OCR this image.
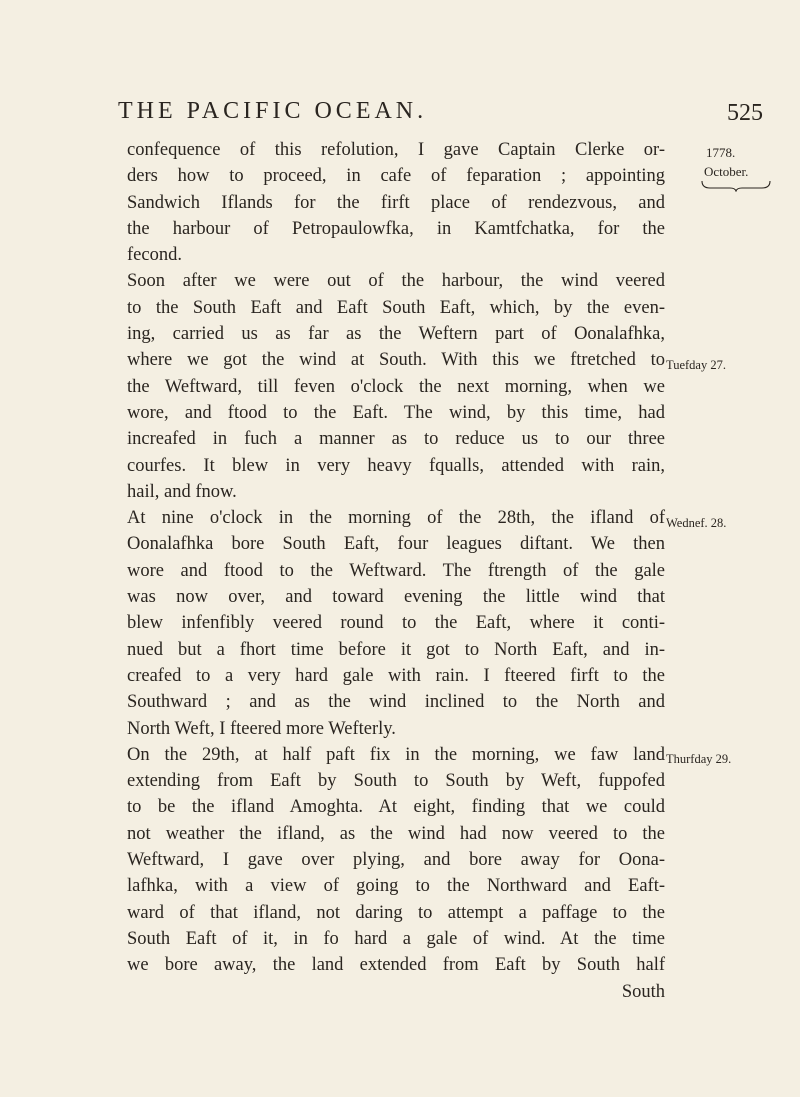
THE PACIFIC OCEAN.	525
1778.
October.
Tuefday 27.
Wednef. 28.
Thurfday 29.
confequence of this refolution, I gave Captain Clerke or-
ders how to proceed, in cafe of feparation ; appointing
Sandwich Iflands for the firft place of rendezvous, and
the harbour of Petropaulowfka, in Kamtfchatka, for the
fecond.
Soon after we were out of the harbour, the wind veered
to the South Eaft and Eaft South Eaft, which, by the even-
ing, carried us as far as the Weftern part of Oonalafhka,
where we got the wind at South. With this we ftretched to
the Weftward, till feven o'clock the next morning, when we
wore, and ftood to the Eaft. The wind, by this time, had
increafed in fuch a manner as to reduce us to our three
courfes. It blew in very heavy fqualls, attended with rain,
hail, and fnow.
At nine o'clock in the morning of the 28th, the ifland of
Oonalafhka bore South Eaft, four leagues diftant. We then
wore and ftood to the Weftward. The ftrength of the gale
was now over, and toward evening the little wind that
blew infenfibly veered round to the Eaft, where it conti-
nued but a fhort time before it got to North Eaft, and in-
creafed to a very hard gale with rain. I fteered firft to the
Southward ; and as the wind inclined to the North and
North Weft, I fteered more Wefterly.
On the 29th, at half paft fix in the morning, we faw land
extending from Eaft by South to South by Weft, fuppofed
to be the ifland Amoghta. At eight, finding that we could
not weather the ifland, as the wind had now veered to the
Weftward, I gave over plying, and bore away for Oona-
lafhka, with a view of going to the Northward and Eaft-
ward of that ifland, not daring to attempt a paffage to the
South Eaft of it, in fo hard a gale of wind. At the time
we bore away, the land extended from Eaft by South half
South
